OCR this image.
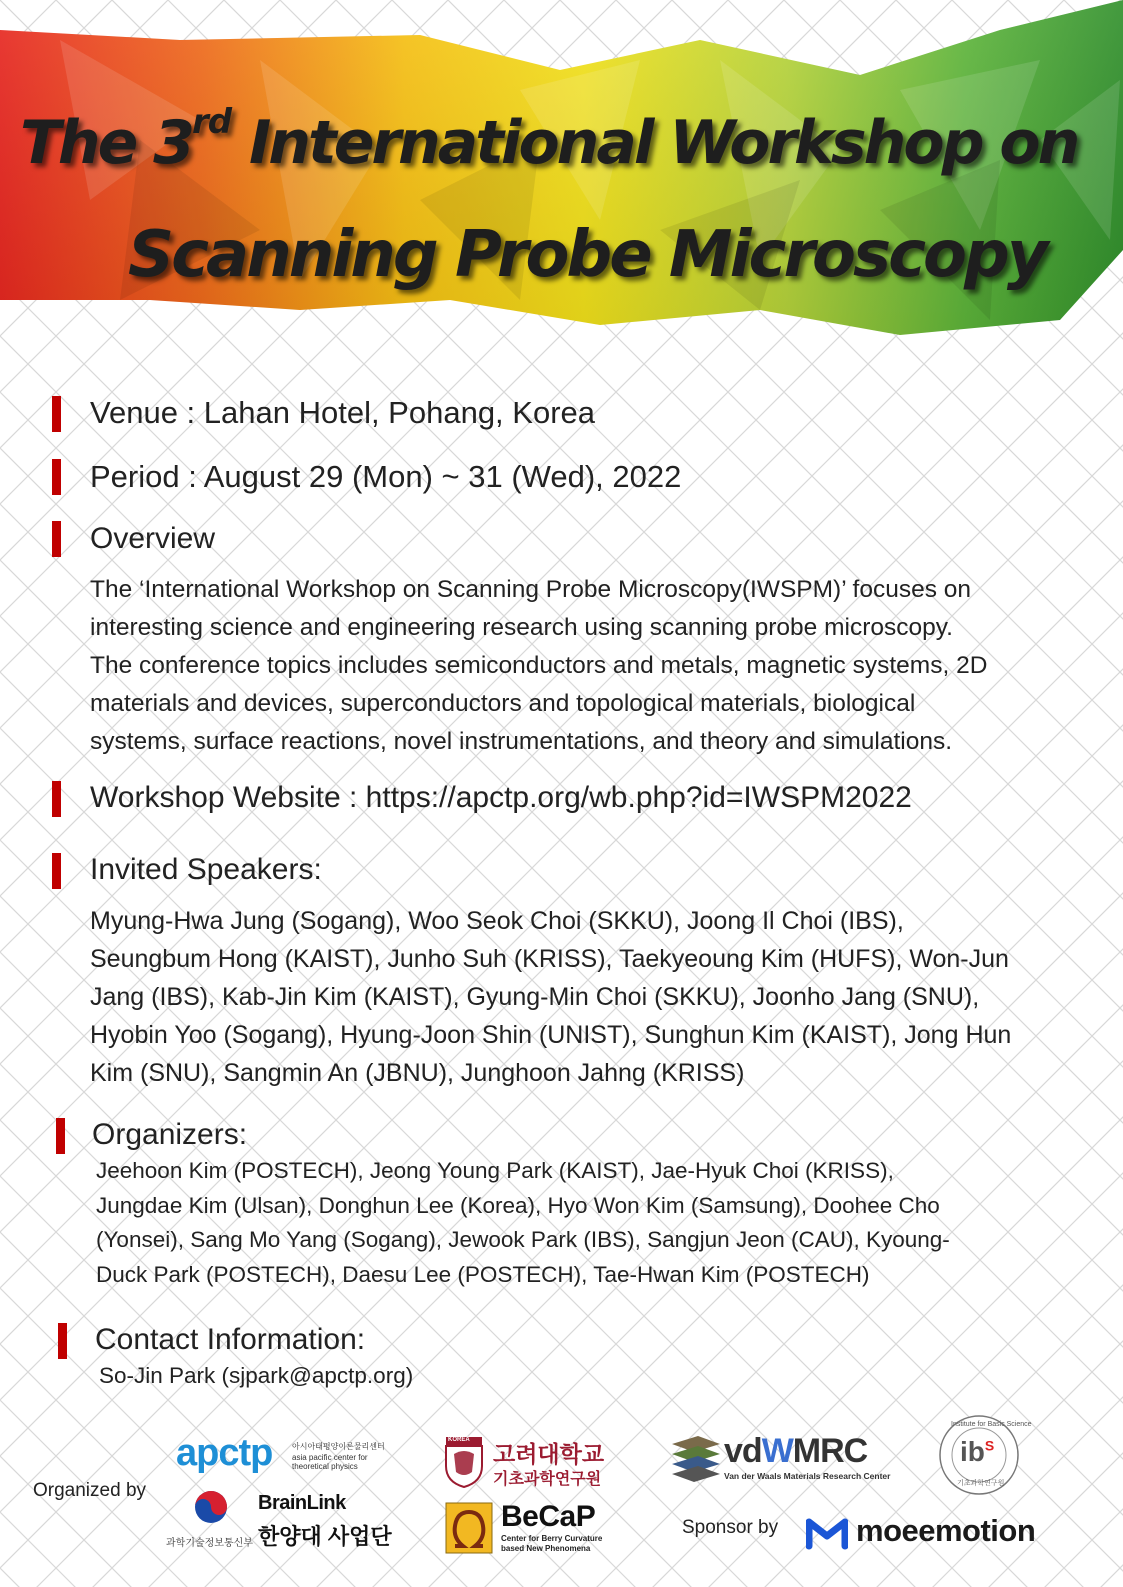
The 3rd International Workshop on
Scanning Probe Microscopy
Venue : Lahan Hotel, Pohang, Korea
Period : August 29 (Mon) ~ 31 (Wed), 2022
Overview
The ‘International Workshop on Scanning Probe Microscopy(IWSPM)’ focuses on
interesting science and engineering research using scanning probe microscopy.
The conference topics includes semiconductors and metals, magnetic systems, 2D
materials and devices, superconductors and topological materials, biological
systems, surface reactions, novel instrumentations, and theory and simulations.
Workshop Website : https://apctp.org/wb.php?id=IWSPM2022
Invited Speakers:
Myung-Hwa Jung (Sogang), Woo Seok Choi (SKKU), Joong Il Choi (IBS),
Seungbum Hong (KAIST), Junho Suh (KRISS), Taekyeoung Kim (HUFS), Won-Jun
Jang (IBS), Kab-Jin Kim (KAIST), Gyung-Min Choi (SKKU), Joonho Jang (SNU),
Hyobin Yoo (Sogang), Hyung-Joon Shin (UNIST), Sunghun Kim (KAIST), Jong Hun
Kim (SNU), Sangmin An (JBNU), Junghoon Jahng (KRISS)
Organizers:
Jeehoon Kim (POSTECH), Jeong Young Park (KAIST), Jae-Hyuk Choi (KRISS),
Jungdae Kim (Ulsan), Donghun Lee (Korea), Hyo Won Kim (Samsung), Doohee Cho
(Yonsei), Sang Mo Yang (Sogang), Jewook Park (IBS), Sangjun Jeon (CAU), Kyoung-
Duck Park (POSTECH), Daesu Lee (POSTECH), Tae-Hwan Kim (POSTECH)
Contact Information:
So-Jin Park (sjpark@apctp.org)
Organized by
apctp 아시아태평양이론물리센터
asia pacific center for
theoretical physics
과학기술정보통신부
BrainLink
한양대 사업단
KOREA
고려대학교
기초과학연구원
BeCaP
Center for Berry Curvature
based New Phenomena
vdWMRC
Van der Waals Materials Research Center
Institute for Basic Science
기초과학연구원
$ib^S$
Sponsor by	moeemotion
